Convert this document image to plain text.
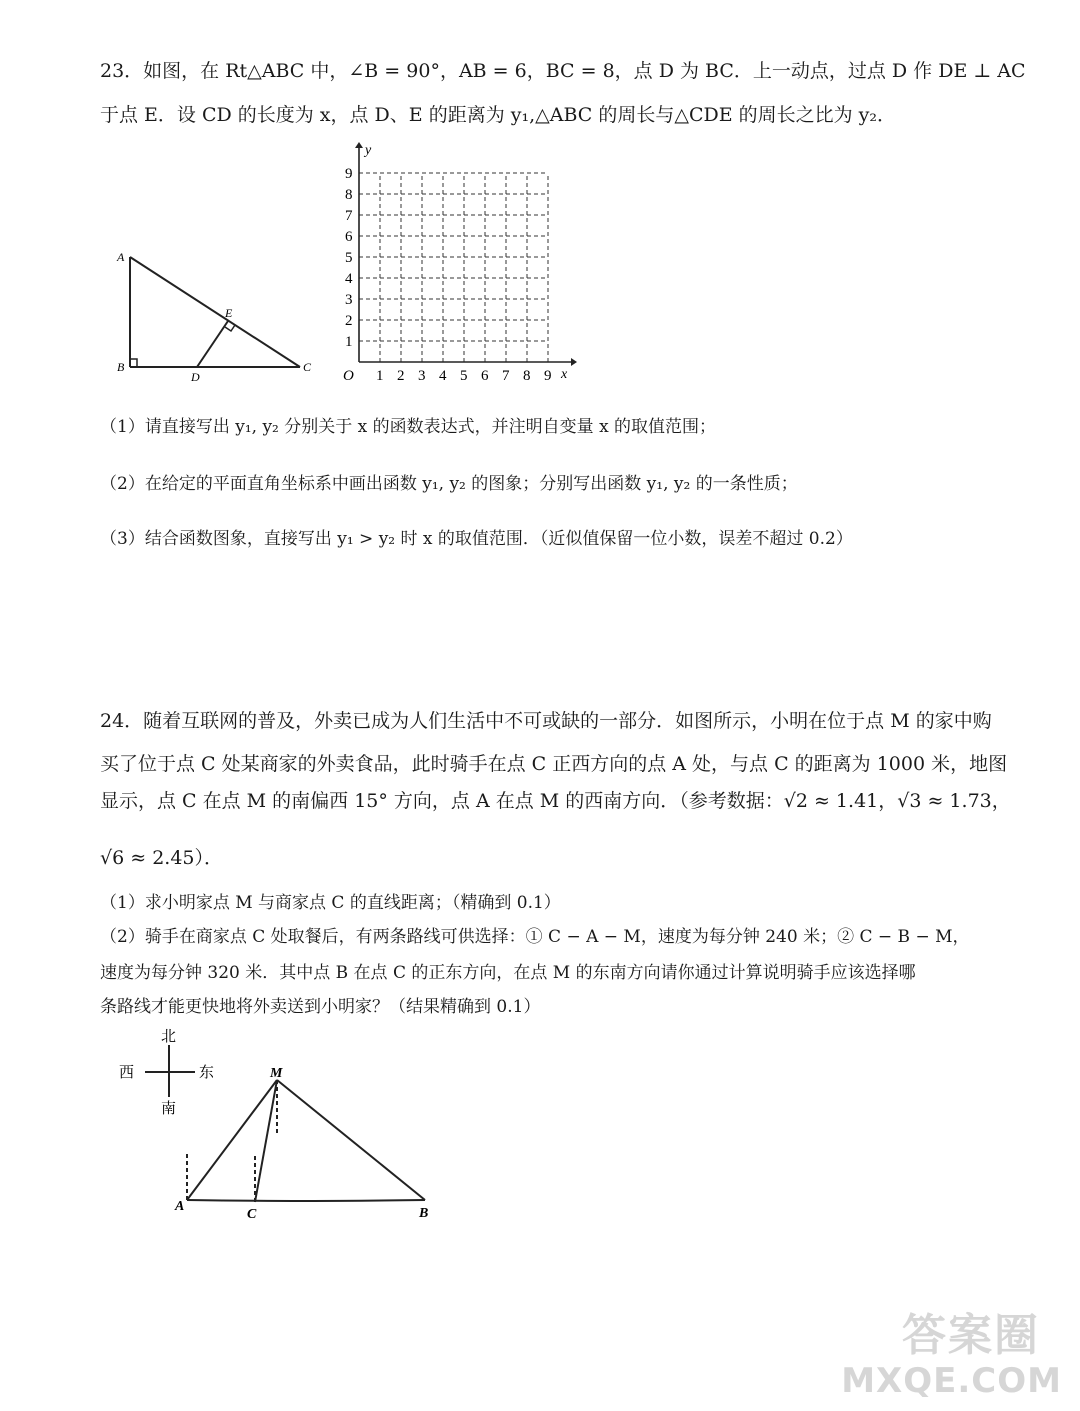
23．如图，在 Rt△ABC 中，∠B = 90°，AB = 6，BC = 8，点 D 为 BC．上一动点，过点 D 作 DE ⊥ AC
于点 E．设 CD 的长度为 x，点 D、E 的距离为 y₁,△ABC 的周长与△CDE 的周长之比为 y₂．
A
B	C
D
E
1 2 3 4 5 6 7 8 9
1
2
3
4
5
6
7
8
9
y
x
O
（1）请直接写出 y₁, y₂ 分别关于 x 的函数表达式，并注明自变量 x 的取值范围；
（2）在给定的平面直角坐标系中画出函数 y₁, y₂ 的图象；分别写出函数 y₁, y₂ 的一条性质；
（3）结合函数图象，直接写出 y₁ > y₂ 时 x 的取值范围．（近似值保留一位小数，误差不超过 0.2）
24．随着互联网的普及，外卖已成为人们生活中不可或缺的一部分．如图所示，小明在位于点 M 的家中购
买了位于点 C 处某商家的外卖食品，此时骑手在点 C 正西方向的点 A 处，与点 C 的距离为 1000 米，地图
显示，点 C 在点 M 的南偏西 15° 方向，点 A 在点 M 的西南方向．（参考数据：√2 ≈ 1.41，√3 ≈ 1.73，
√6 ≈ 2.45）．
（1）求小明家点 M 与商家点 C 的直线距离；（精确到 0.1）
（2）骑手在商家点 C 处取餐后，有两条路线可供选择：① C − A − M，速度为每分钟 240 米；② C − B − M，
速度为每分钟 320 米．其中点 B 在点 C 的正东方向，在点 M 的东南方向请你通过计算说明骑手应该选择哪
条路线才能更快地将外卖送到小明家？（结果精确到 0.1）
北
南
西	东	M
A
C	B
答案圈
MXQE.COM
